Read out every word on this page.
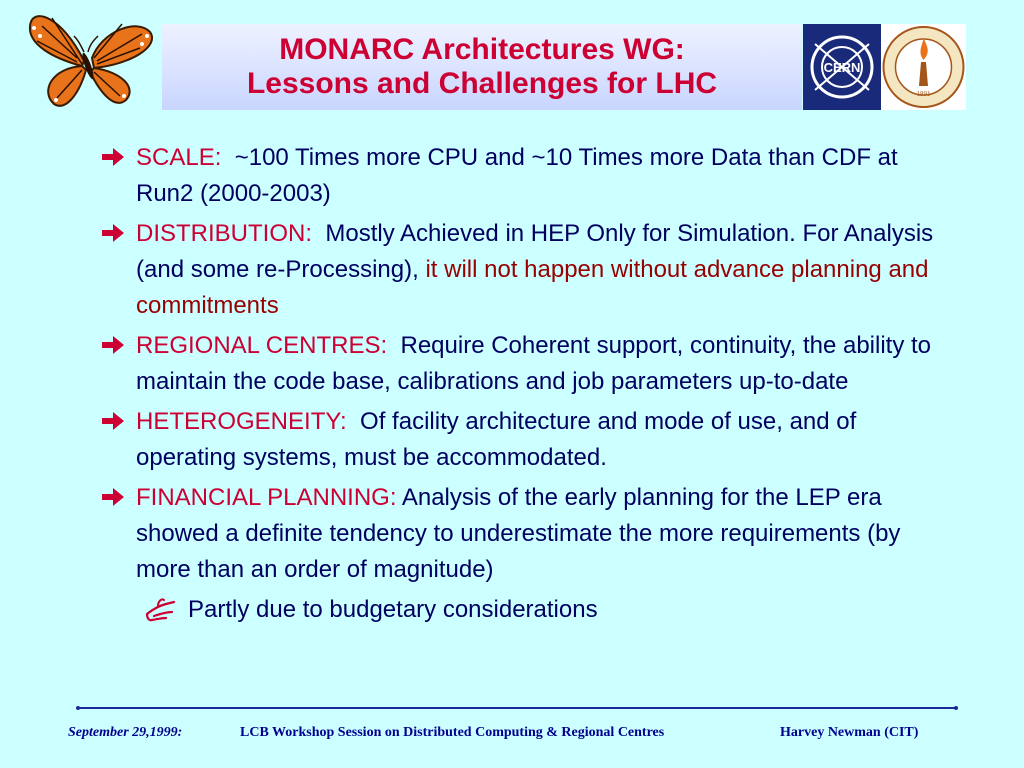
MONARC Architectures WG:
Lessons and Challenges for LHC	CERN
1891
SCALE: ~100 Times more CPU and ~10 Times more Data than CDF at Run2 (2000-2003)
DISTRIBUTION: Mostly Achieved in HEP Only for Simulation. For Analysis (and some re-Processing), it will not happen without advance planning and commitments
REGIONAL CENTRES: Require Coherent support, continuity, the ability to maintain the code base, calibrations and job parameters up-to-date
HETEROGENEITY: Of facility architecture and mode of use, and of operating systems, must be accommodated.
FINANCIAL PLANNING: Analysis of the early planning for the LEP era showed a definite tendency to underestimate the more requirements (by more than an order of magnitude)
Partly due to budgetary considerations
September 29,1999:	LCB Workshop Session on Distributed Computing & Regional Centres	Harvey Newman (CIT)
